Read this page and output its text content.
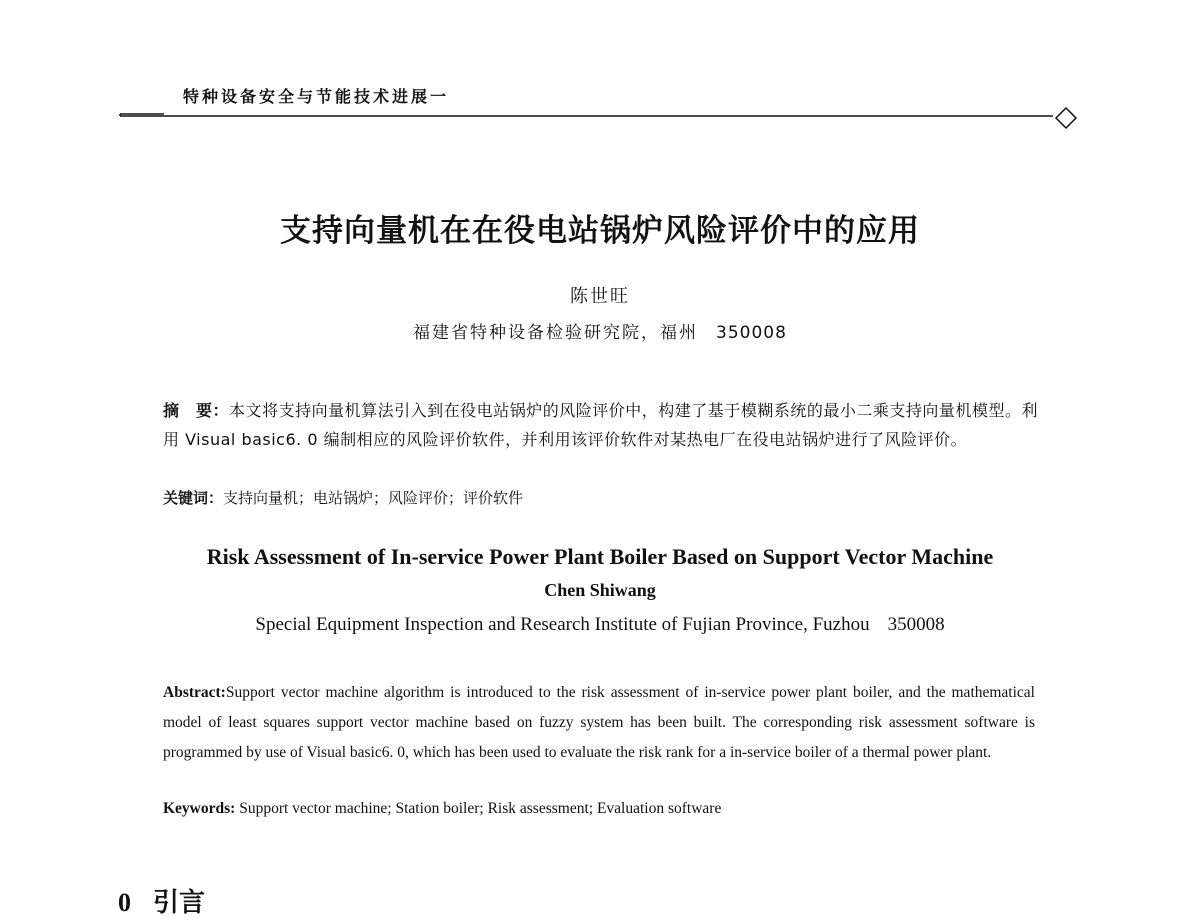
特种设备安全与节能技术进展一
支持向量机在在役电站锅炉风险评价中的应用
陈世旺
福建省特种设备检验研究院，福州 350008
摘　要：本文将支持向量机算法引入到在役电站锅炉的风险评价中，构建了基于模糊系统的最小二乘支持向量机模型。利用 Visual basic6. 0 编制相应的风险评价软件，并利用该评价软件对某热电厂在役电站锅炉进行了风险评价。
关键词：支持向量机；电站锅炉；风险评价；评价软件
Risk Assessment of In-service Power Plant Boiler Based on Support Vector Machine
Chen Shiwang
Special Equipment Inspection and Research Institute of Fujian Province, Fuzhou 350008
Abstract:Support vector machine algorithm is introduced to the risk assessment of in-service power plant boiler, and the mathematical model of least squares support vector machine based on fuzzy system has been built. The corresponding risk assessment software is programmed by use of Visual basic6. 0, which has been used to evaluate the risk rank for a in-service boiler of a thermal power plant.
Keywords: Support vector machine; Station boiler; Risk assessment; Evaluation software
0 引言
